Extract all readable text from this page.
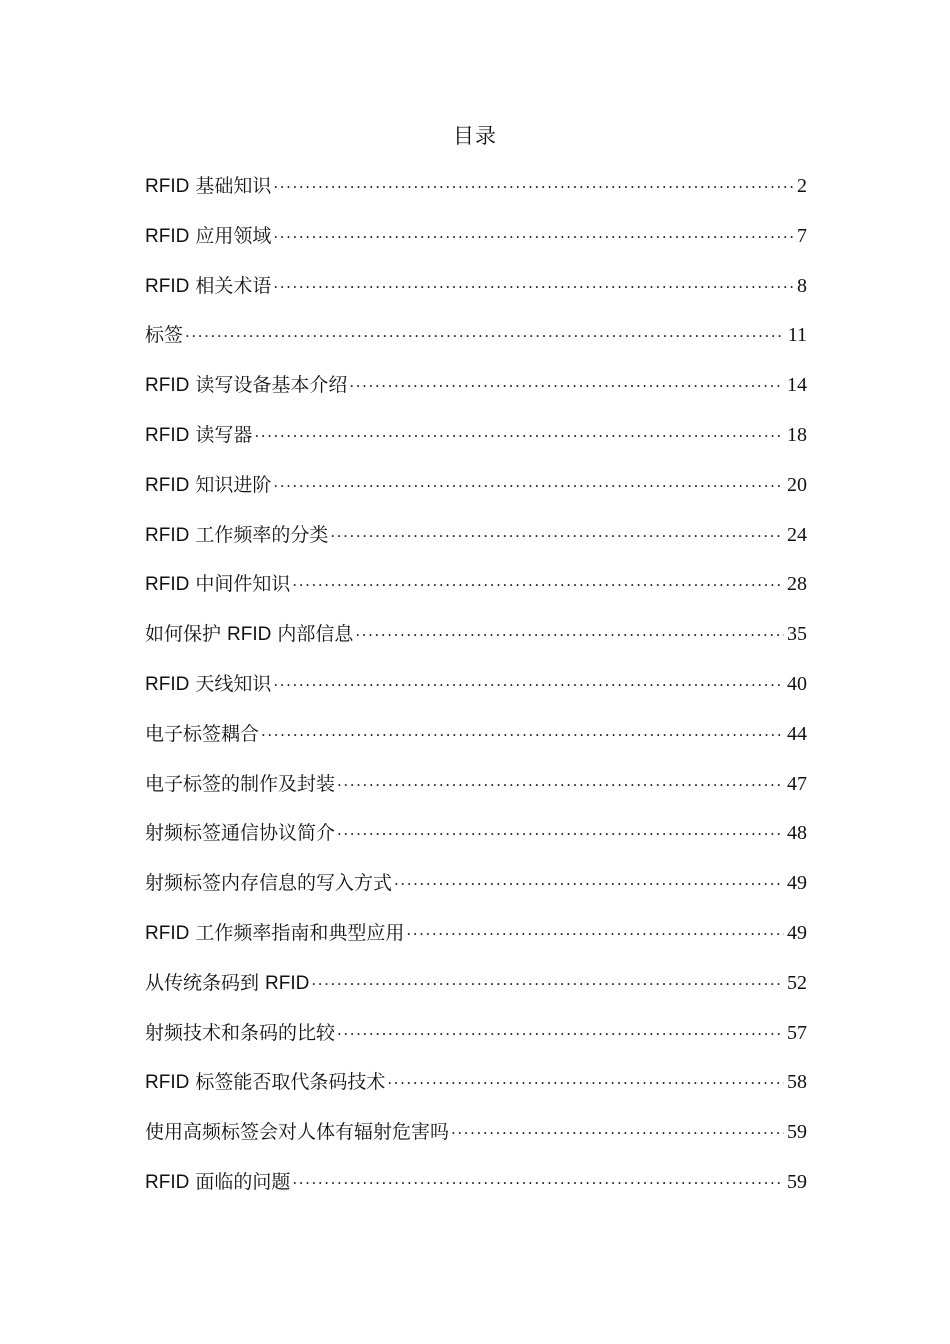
目录
RFID 基础知识 ·····	2
RFID 应用领域 ·····	7
RFID 相关术语 ·····	8
标签 ·····	11
RFID 读写设备基本介绍 ·····	14
RFID 读写器 ·····	18
RFID 知识进阶 ·····	20
RFID 工作频率的分类 ·····	24
RFID 中间件知识 ·····	28
如何保护 RFID 内部信息 ·····	35
RFID 天线知识 ·····	40
电子标签耦合 ·····	44
电子标签的制作及封装 ·····	47
射频标签通信协议简介 ·····	48
射频标签内存信息的写入方式 ·····	49
RFID 工作频率指南和典型应用 ·····	49
从传统条码到 RFID ·····	52
射频技术和条码的比较 ·····	57
RFID 标签能否取代条码技术 ·····	58
使用高频标签会对人体有辐射危害吗 ·····	59
RFID 面临的问题 ·····	59
